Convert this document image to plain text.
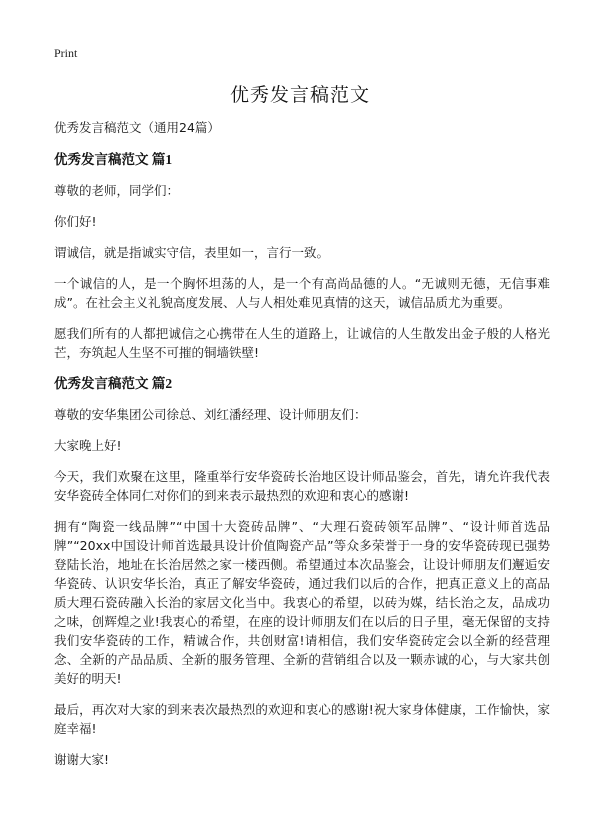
Print
优秀发言稿范文

优秀发言稿范文（通用24篇）

优秀发言稿范文 篇1

尊敬的老师，同学们：

你们好!

谓诚信，就是指诚实守信，表里如一，言行一致。

一个诚信的人，是一个胸怀坦荡的人，是一个有高尚品德的人。“无诚则无德，无信事难成”。在社会主义礼貌高度发展、人与人相处难见真情的这天，诚信品质尤为重要。

愿我们所有的人都把诚信之心携带在人生的道路上，让诚信的人生散发出金子般的人格光芒，夯筑起人生坚不可摧的铜墙铁壁!

优秀发言稿范文 篇2

尊敬的安华集团公司徐总、刘红潘经理、设计师朋友们：

大家晚上好!

今天，我们欢聚在这里，隆重举行安华瓷砖长治地区设计师品鉴会，首先，请允许我代表安华瓷砖全体同仁对你们的到来表示最热烈的欢迎和衷心的感谢!

拥有“陶瓷一线品牌”“中国十大瓷砖品牌”、“大理石瓷砖领军品牌”、“设计师首选品牌”“20xx中国设计师首选最具设计价值陶瓷产品”等众多荣誉于一身的安华瓷砖现已强势登陆长治，地址在长治居然之家一楼西侧。希望通过本次品鉴会，让设计师朋友们邂逅安华瓷砖、认识安华长治，真正了解安华瓷砖，通过我们以后的合作，把真正意义上的高品质大理石瓷砖融入长治的家居文化当中。我衷心的希望，以砖为媒，结长治之友，品成功之味，创辉煌之业!我衷心的希望，在座的设计师朋友们在以后的日子里，毫无保留的支持我们安华瓷砖的工作，精诚合作，共创财富!请相信，我们安华瓷砖定会以全新的经营理念、全新的产品品质、全新的服务管理、全新的营销组合以及一颗赤诚的心，与大家共创美好的明天!

最后，再次对大家的到来表次最热烈的欢迎和衷心的感谢!祝大家身体健康，工作愉快，家庭幸福!

谢谢大家!
